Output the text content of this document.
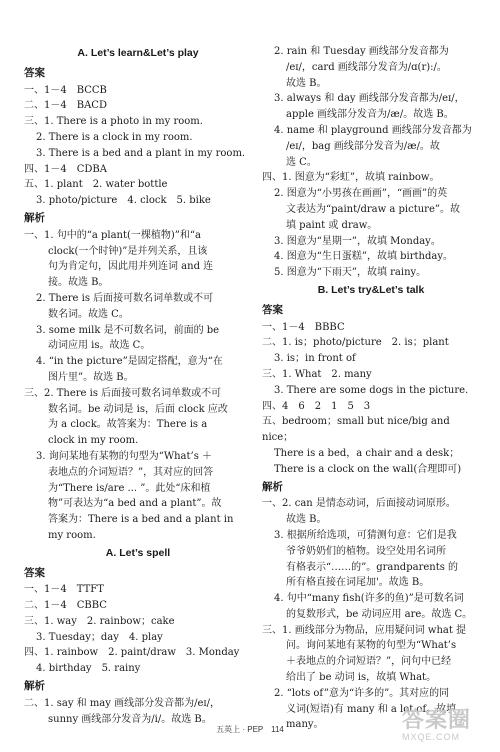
A. Let’s learn&Let’s play
答案
一、1－4　BCCB
二、1－4　BACD
三、1. There is a photo in my room.
2. There is a clock in my room.
3. There is a bed and a plant in my room.
四、1－4　CDBA
五、1. plant　2. water bottle
3. photo/picture　4. clock　5. bike
解析
一、1. 句中的“a plant(一棵植物)”和“a
clock(一个时钟)”是并列关系，且该
句为肯定句，因此用并列连词 and 连
接。故选 B。
2. There is 后面接可数名词单数或不可
数名词。故选 C。
3. some milk 是不可数名词，前面的 be
动词应用 is。故选 C。
4. “in the picture”是固定搭配，意为“在
图片里”。故选 B。
三、2. There is 后面接可数名词单数或不可
数名词。be 动词是 is，后面 clock 应改
为 a clock。故答案为：There is a
clock in my room.
3. 询问某地有某物的句型为“What’s ＋
表地点的介词短语？”，其对应的回答
为“There is/are ... ”。此处“床和植
物”可表达为“a bed and a plant”。故
答案为：There is a bed and a plant in
my room.
A. Let’s spell
答案
一、1－4　TTFT
二、1－4　CBBC
三、1. way　2. rainbow；cake
3. Tuesday；day　4. play
四、1. rainbow　2. paint/draw　3. Monday
4. birthday　5. rainy
解析
二、1. say 和 may 画线部分发音都为/eɪ/，
sunny 画线部分发音为/i/。故选 B。
2. rain 和 Tuesday 画线部分发音都为
/eɪ/，card 画线部分发音为/ɑ(r):/。
故选 B。
3. always 和 day 画线部分发音都为/eɪ/，
apple 画线部分发音为/æ/。故选 B。
4. name 和 playground 画线部分发音都为
/eɪ/，bag 画线部分发音为/æ/。故
选 C。
四、1. 图意为“彩虹”，故填 rainbow。
2. 图意为“小男孩在画画”，“画画”的英
文表达为“paint/draw a picture”。故
填 paint 或 draw。
3. 图意为“星期一”，故填 Monday。
4. 图意为“生日蛋糕”，故填 birthday。
5. 图意为“下雨天”，故填 rainy。
B. Let’s try&Let’s talk
答案
一、1－4　BBBC
二、1. is；photo/picture　2. is；plant
3. is；in front of
三、1. What　2. many
3. There are some dogs in the picture.
四、4　6　2　1　5　3
五、bedroom；small but nice/big and nice；
There is a bed，a chair and a desk；
There is a clock on the wall(合理即可)
解析
一、2. can 是情态动词，后面接动词原形。
故选 B。
3. 根据所给选项，可猜测句意：它们是我
爷爷奶奶们的植物。设空处用名词所
有格表示“……的”。grandparents 的
所有格直接在词尾加'。故选 B。
4. 句中“many fish(许多的鱼)”是可数名词
的复数形式，be 动词应用 are。故选 C。
三、1. 画线部分为物品，应用疑问词 what 提
问。询问某地有某物的句型为“What’s
＋表地点的介词短语？”，问句中已经
给出了 be 动词 is，故填 What。
2. “lots of”意为“许多的”。其对应的同
义词(短语)有 many 和 a lot of。故填
many。
五英上 · PEP　114	答案圈
MXQE.COM
